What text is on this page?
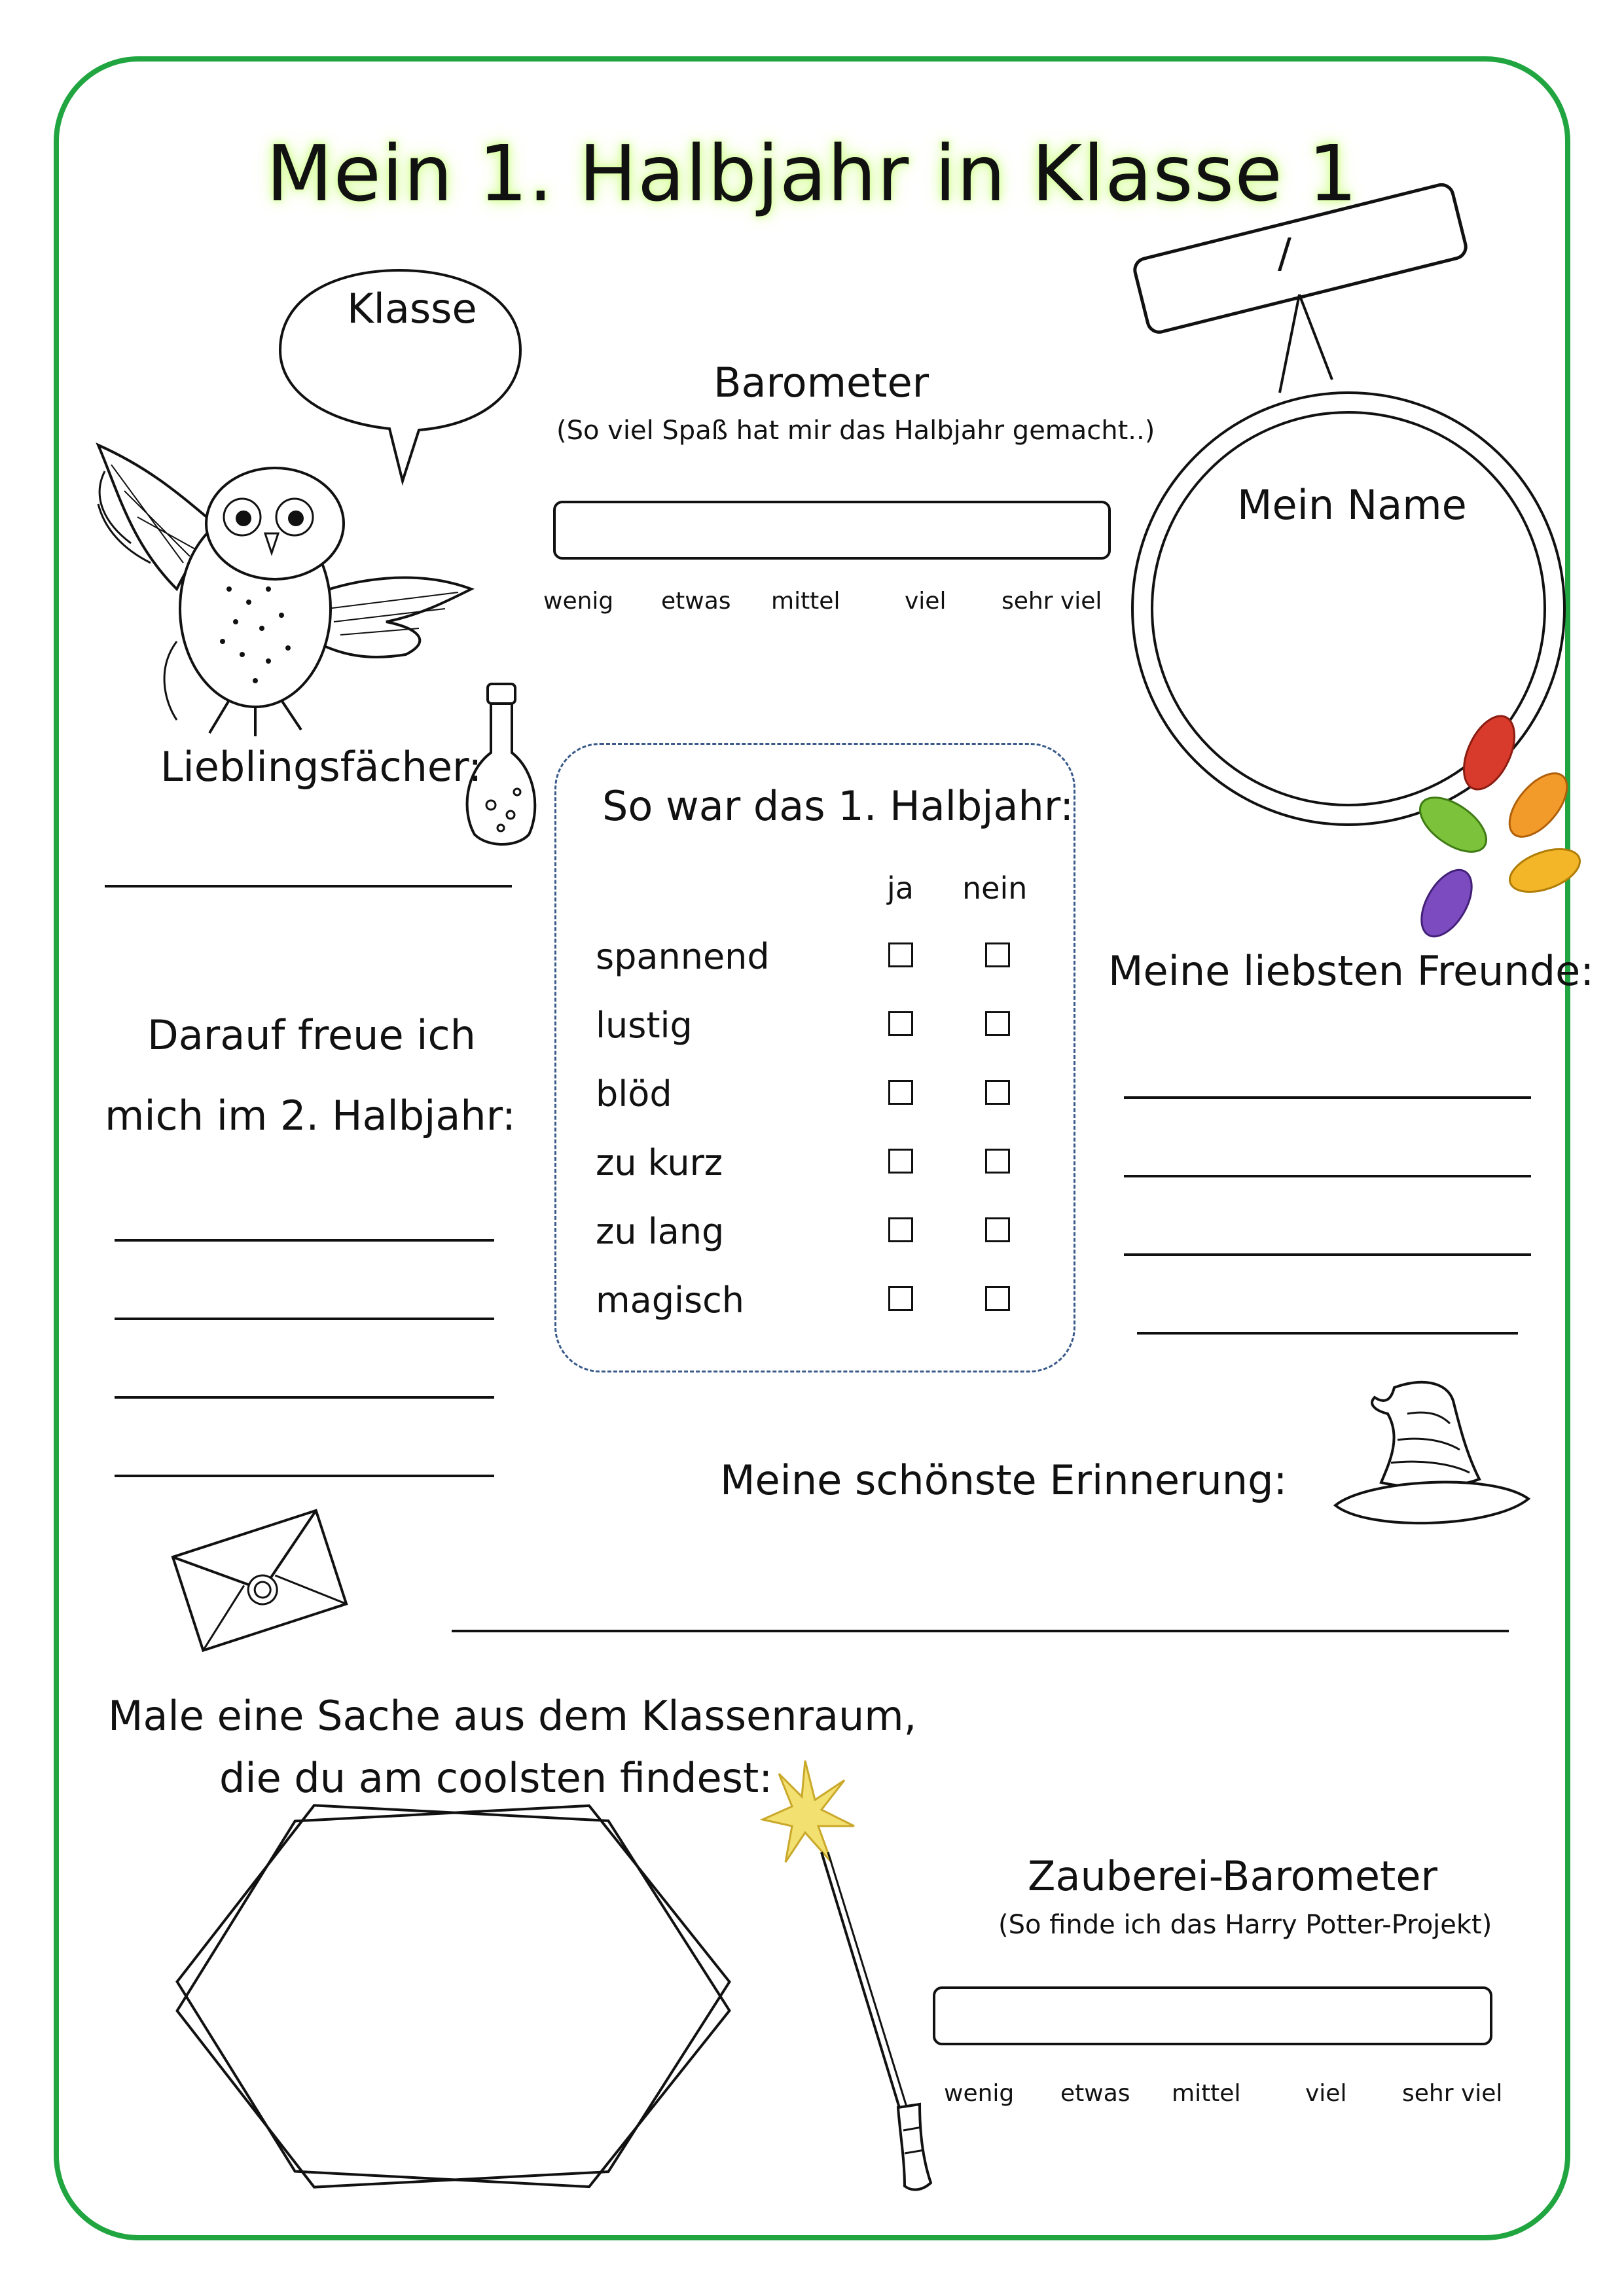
Mein 1. Halbjahr in Klasse 1
Klasse
Barometer
(So viel Spaß hat mir das Halbjahr gemacht..)
wenig etwas mittel	viel sehr viel
/
Mein Name
Lieblingsfächer:
Darauf freue ich
mich im 2. Halbjahr:
So war das 1. Halbjahr:
ja nein
spannend
lustig
blöd
zu kurz
zu lang
magisch
Meine liebsten Freunde:
Meine schönste Erinnerung:
Male eine Sache aus dem Klassenraum,
die du am coolsten findest:
Zauberei-Barometer
(So finde ich das Harry Potter-Projekt)
wenig etwas mittel	viel sehr viel
